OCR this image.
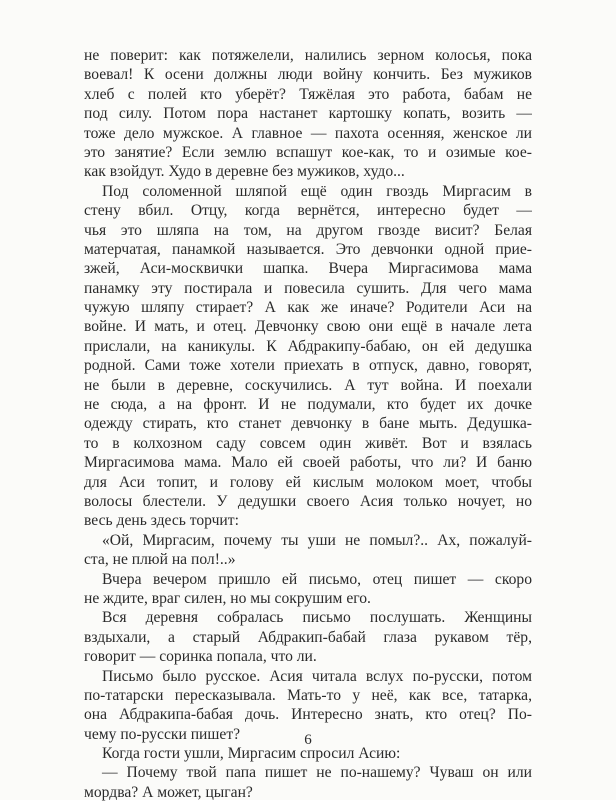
не поверит: как потяжелели, налились зерном колосья, пока
воевал! К осени должны люди войну кончить. Без мужиков
хлеб с полей кто уберёт? Тяжёлая это работа, бабам не
под силу. Потом пора настанет картошку копать, возить —
тоже дело мужское. А главное — пахота осенняя, женское ли
это занятие? Если землю вспашут кое-как, то и озимые кое-
как взойдут. Худо в деревне без мужиков, худо...
Под соломенной шляпой ещё один гвоздь Миргасим в
стену вбил. Отцу, когда вернётся, интересно будет —
чья это шляпа на том, на другом гвозде висит? Белая
матерчатая, панамкой называется. Это девчонки одной прие-
зжей, Аси-москвички шапка. Вчера Миргасимова мама
панамку эту постирала и повесила сушить. Для чего мама
чужую шляпу стирает? А как же иначе? Родители Аси на
войне. И мать, и отец. Девчонку свою они ещё в начале лета
прислали, на каникулы. К Абдракипу-бабаю, он ей дедушка
родной. Сами тоже хотели приехать в отпуск, давно, говорят,
не были в деревне, соскучились. А тут война. И поехали
не сюда, а на фронт. И не подумали, кто будет их дочке
одежду стирать, кто станет девчонку в бане мыть. Дедушка-
то в колхозном саду совсем один живёт. Вот и взялась
Миргасимова мама. Мало ей своей работы, что ли? И баню
для Аси топит, и голову ей кислым молоком моет, чтобы
волосы блестели. У дедушки своего Асия только ночует, но
весь день здесь торчит:
«Ой, Миргасим, почему ты уши не помыл?.. Ах, пожалуй-
ста, не плюй на пол!..»
Вчера вечером пришло ей письмо, отец пишет — скоро
не ждите, враг силен, но мы сокрушим его.
Вся деревня собралась письмо послушать. Женщины
вздыхали, а старый Абдракип-бабай глаза рукавом тёр,
говорит — соринка попала, что ли.
Письмо было русское. Асия читала вслух по-русски, потом
по-татарски пересказывала. Мать-то у неё, как все, татарка,
она Абдракипа-бабая дочь. Интересно знать, кто отец? По-
чему по-русски пишет?
Когда гости ушли, Миргасим спросил Асию:
— Почему твой папа пишет не по-нашему? Чуваш он или
мордва? А может, цыган?
6
